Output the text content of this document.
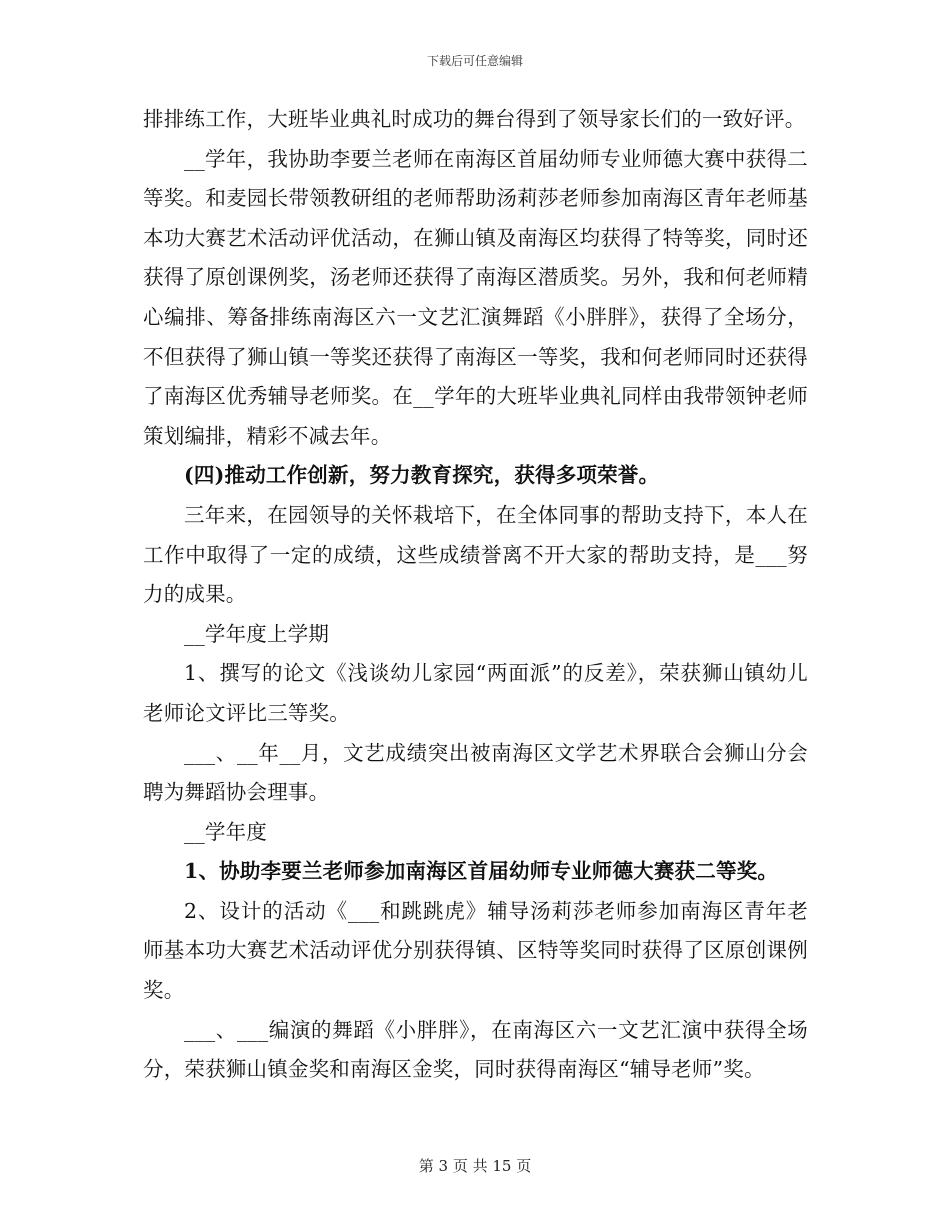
下载后可任意编辑

排排练工作，大班毕业典礼时成功的舞台得到了领导家长们的一致好评。

__学年，我协助李要兰老师在南海区首届幼师专业师德大赛中获得二等奖。和麦园长带领教研组的老师帮助汤莉莎老师参加南海区青年老师基本功大赛艺术活动评优活动，在狮山镇及南海区均获得了特等奖，同时还获得了原创课例奖，汤老师还获得了南海区潜质奖。另外，我和何老师精心编排、筹备排练南海区六一文艺汇演舞蹈《小胖胖》，获得了全场分，不但获得了狮山镇一等奖还获得了南海区一等奖，我和何老师同时还获得了南海区优秀辅导老师奖。在__学年的大班毕业典礼同样由我带领钟老师策划编排，精彩不减去年。

(四)推动工作创新，努力教育探究，获得多项荣誉。

三年来，在园领导的关怀栽培下，在全体同事的帮助支持下，本人在工作中取得了一定的成绩，这些成绩誉离不开大家的帮助支持，是___努力的成果。

__学年度上学期

1、撰写的论文《浅谈幼儿家园“两面派”的反差》，荣获狮山镇幼儿老师论文评比三等奖。

___、__年__月，文艺成绩突出被南海区文学艺术界联合会狮山分会聘为舞蹈协会理事。

__学年度

1、协助李要兰老师参加南海区首届幼师专业师德大赛获二等奖。

2、设计的活动《___和跳跳虎》辅导汤莉莎老师参加南海区青年老师基本功大赛艺术活动评优分别获得镇、区特等奖同时获得了区原创课例奖。

___、___编演的舞蹈《小胖胖》，在南海区六一文艺汇演中获得全场分，荣获狮山镇金奖和南海区金奖，同时获得南海区“辅导老师”奖。

第 3 页 共 15 页
